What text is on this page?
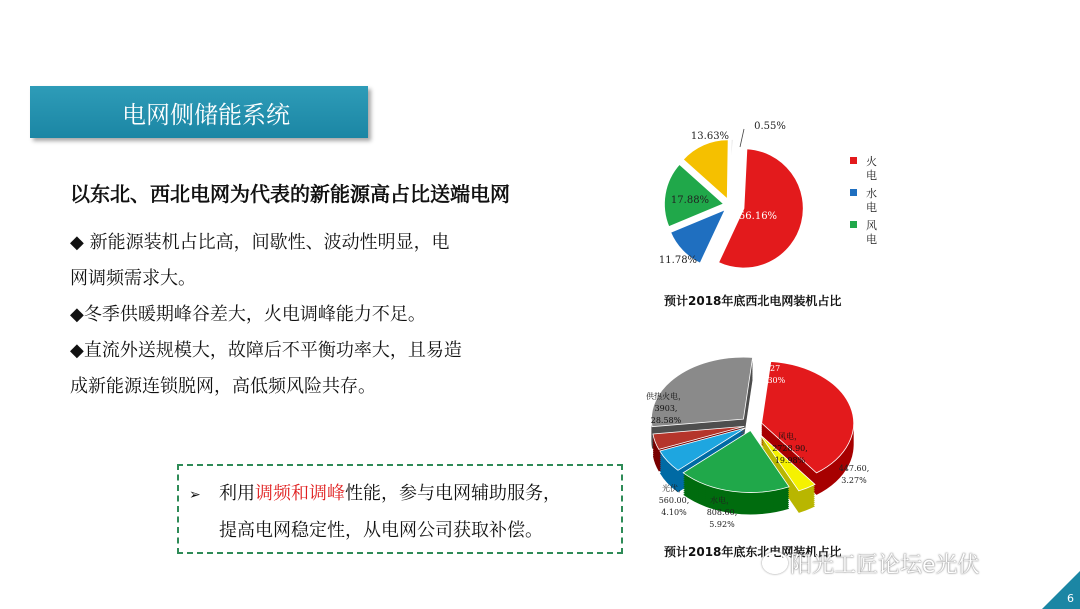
电网侧储能系统
以东北、西北电网为代表的新能源高占比送端电网
◆ 新能源装机占比高，间歇性、波动性明显，电
网调频需求大。
◆冬季供暖期峰谷差大，火电调峰能力不足。
◆直流外送规模大，故障后不平衡功率大，且易造
成新能源连锁脱网，高低频风险共存。
➢ 利用调频和调峰性能，参与电网辅助服务，
提高电网稳定性，从电网公司获取补偿。
56.16%
11.78%
17.88%
13.63%
0.55%
火
电
水
电
风
电
预计2018年底西北电网装机占比
煤电
5227
38.30%
447.60,
3.27%
风电，
2728.90,
19.98%
水电，
808.60,
5.92%
光伏，
560.00,
4.10%
供热火电，
3903,
28.58%
预计2018年底东北电网装机占比
阳光工匠论坛e光伏
6
